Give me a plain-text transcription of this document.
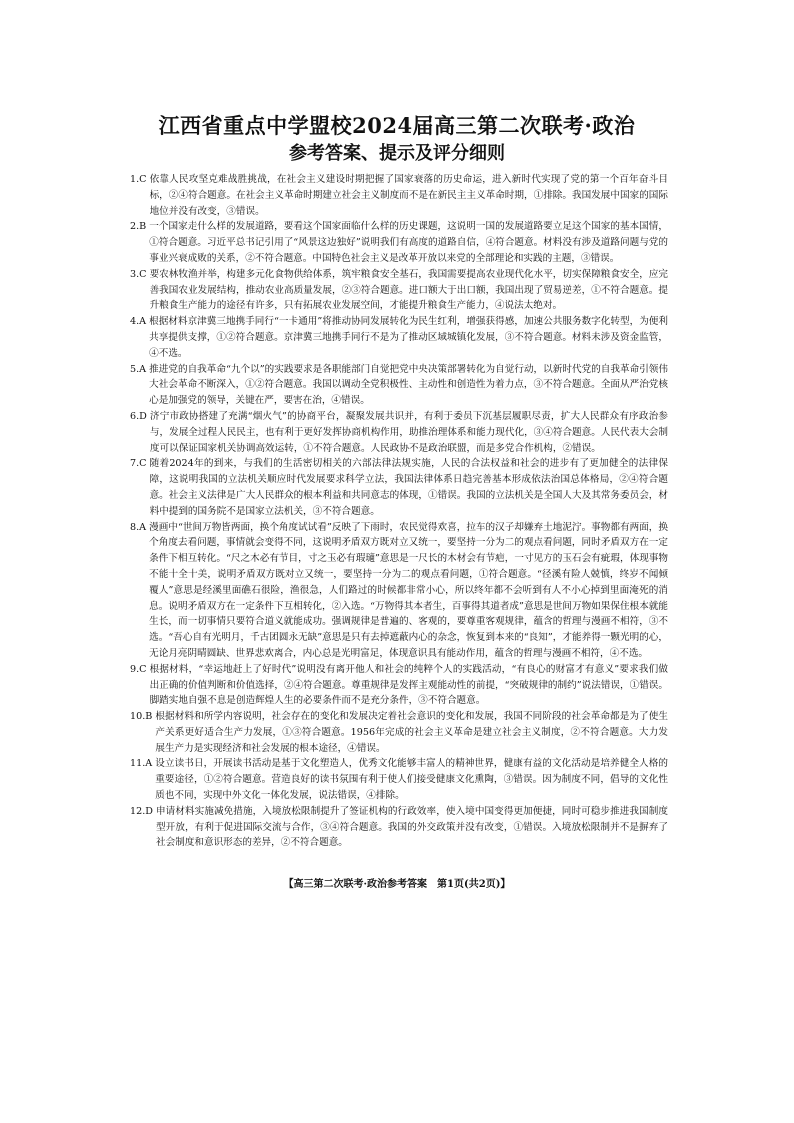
江西省重点中学盟校2024届高三第二次联考·政治
参考答案、提示及评分细则
1.C
依靠人民攻坚克难战胜挑战，在社会主义建设时期把握了国家衰落的历史命运，进入新时代实现了党的第一个百年奋斗目标，②④符合题意。在社会主义革命时期建立社会主义制度而不是在新民主主义革命时期，①排除。我国发展中国家的国际地位并没有改变，③错误。
2.B
一个国家走什么样的发展道路，要看这个国家面临什么样的历史课题，这说明一国的发展道路要立足这个国家的基本国情，①符合题意。习近平总书记引用了“风景这边独好”说明我们有高度的道路自信，④符合题意。材料没有涉及道路问题与党的事业兴衰成败的关系，②不符合题意。中国特色社会主义是改革开放以来党的全部理论和实践的主题，③错误。
3.C
要农林牧渔并举，构建多元化食物供给体系，筑牢粮食安全基石，我国需要提高农业现代化水平，切实保障粮食安全，应完善我国农业发展结构，推动农业高质量发展，②③符合题意。进口额大于出口额，我国出现了贸易逆差，①不符合题意。提升粮食生产能力的途径有许多，只有拓展农业发展空间，才能提升粮食生产能力，④说法太绝对。
4.A
根据材料京津冀三地携手同行“一卡通用”将推动协同发展转化为民生红利，增强获得感，加速公共服务数字化转型，为便利共享提供支撑，①②符合题意。京津冀三地携手同行不是为了推动区域城镇化发展，③不符合题意。材料未涉及资金监管，④不选。
5.A
推进党的自我革命“九个以”的实践要求是各职能部门自觉把党中央决策部署转化为自觉行动，以新时代党的自我革命引领伟大社会革命不断深入，①②符合题意。我国以调动全党积极性、主动性和创造性为着力点，③不符合题意。全面从严治党核心是加强党的领导，关键在严，要害在治，④错误。
6.D
济宁市政协搭建了充满“烟火气”的协商平台，凝聚发展共识并，有利于委员下沉基层履职尽责，扩大人民群众有序政治参与，发展全过程人民民主，也有利于更好发挥协商机构作用，助推治理体系和能力现代化，③④符合题意。人民代表大会制度可以保证国家机关协调高效运转，①不符合题意。人民政协不是政治联盟，而是多党合作机构，②错误。
7.C
随着2024年的到来，与我们的生活密切相关的六部法律法规实施，人民的合法权益和社会的进步有了更加健全的法律保障，这说明我国的立法机关顺应时代发展要求科学立法，我国法律体系日趋完善基本形成依法治国总体格局，②④符合题意。社会主义法律是广大人民群众的根本利益和共同意志的体现，①错误。我国的立法机关是全国人大及其常务委员会，材料中提到的国务院不是国家立法机关，③不符合题意。
8.A
漫画中“世间万物皆两面，换个角度试试看”反映了下雨时，农民觉得欢喜，拉车的汉子却嫌弃土地泥泞。事物都有两面，换个角度去看问题，事情就会变得不同，这说明矛盾双方既对立又统一，要坚持一分为二的观点看问题，同时矛盾双方在一定条件下相互转化。“尺之木必有节目，寸之玉必有瑕瓋”意思是一尺长的木材会有节疤，一寸见方的玉石会有疵瑕，体现事物不能十全十美，说明矛盾双方既对立又统一，要坚持一分为二的观点看问题，①符合题意。“径溪有险人兢慎，终岁不闻倾覆人”意思是经溪里面礁石很险，渔很急，人们路过的时候都非常小心，所以终年都不会听到有人不小心掉到里面淹死的消息。说明矛盾双方在一定条件下互相转化，②入选。“万物得其本者生，百事得其道者成”意思是世间万物如果保住根本就能生长，而一切事情只要符合道义就能成功。强调规律是普遍的、客观的，要尊重客观规律，蕴含的哲理与漫画不相符，③不选。“吾心自有光明月，千古团圆永无缺”意思是只有去掉遮蔽内心的杂念，恢复到本来的“良知”，才能养得一颗光明的心，无论月亮阴晴圆缺、世界悲欢离合，内心总是光明富足，体现意识具有能动作用，蕴含的哲理与漫画不相符，④不选。
9.C
根据材料，“幸运地赶上了好时代”说明没有离开他人和社会的纯粹个人的实践活动，“有良心的财富才有意义”要求我们做出正确的价值判断和价值选择，②④符合题意。尊重规律是发挥主观能动性的前提，“突破规律的制约”说法错误，①错误。脚踏实地自强不息是创造辉煌人生的必要条件而不是充分条件，③不符合题意。
10.B
根据材料和所学内容说明，社会存在的变化和发展决定着社会意识的变化和发展，我国不同阶段的社会革命都是为了使生产关系更好适合生产力发展，①③符合题意。1956年完成的社会主义革命是建立社会主义制度，②不符合题意。大力发展生产力是实现经济和社会发展的根本途径，④错误。
11.A
设立读书日，开展读书活动是基于文化塑造人，优秀文化能够丰富人的精神世界，健康有益的文化活动是培养健全人格的重要途径，①②符合题意。营造良好的读书氛围有利于使人们接受健康文化熏陶，③错误。因为制度不同，倡导的文化性质也不同，实现中外文化一体化发展，说法错误，④排除。
12.D
申请材料实施减免措施，入境放松限制提升了签证机构的行政效率，使入境中国变得更加便捷，同时可稳步推进我国制度型开放，有利于促进国际交流与合作，③④符合题意。我国的外交政策并没有改变，①错误。入境放松限制并不是摒弃了社会制度和意识形态的差异，②不符合题意。
【高三第二次联考·政治参考答案　第1页(共2页)】
